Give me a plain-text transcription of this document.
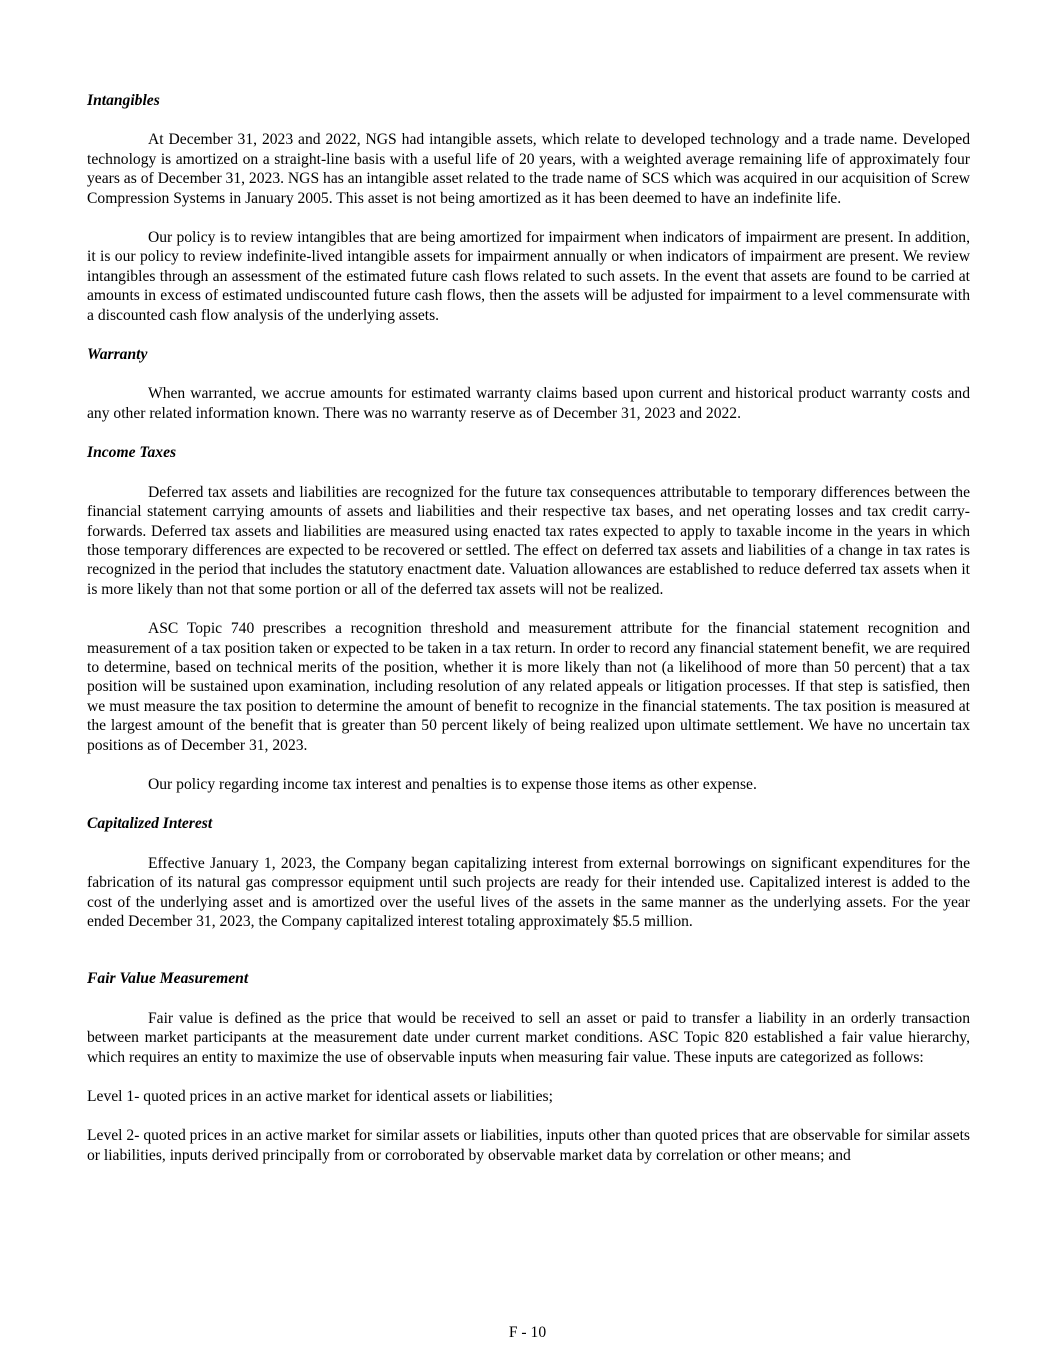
Intangibles

At December 31, 2023 and 2022, NGS had intangible assets, which relate to developed technology and a trade name. Developed technology is amortized on a straight-line basis with a useful life of 20 years, with a weighted average remaining life of approximately four years as of December 31, 2023. NGS has an intangible asset related to the trade name of SCS which was acquired in our acquisition of Screw Compression Systems in January 2005. This asset is not being amortized as it has been deemed to have an indefinite life.

Our policy is to review intangibles that are being amortized for impairment when indicators of impairment are present. In addition, it is our policy to review indefinite-lived intangible assets for impairment annually or when indicators of impairment are present. We review intangibles through an assessment of the estimated future cash flows related to such assets. In the event that assets are found to be carried at amounts in excess of estimated undiscounted future cash flows, then the assets will be adjusted for impairment to a level commensurate with a discounted cash flow analysis of the underlying assets.

Warranty

When warranted, we accrue amounts for estimated warranty claims based upon current and historical product warranty costs and any other related information known. There was no warranty reserve as of December 31, 2023 and 2022.

Income Taxes

Deferred tax assets and liabilities are recognized for the future tax consequences attributable to temporary differences between the financial statement carrying amounts of assets and liabilities and their respective tax bases, and net operating losses and tax credit carry-forwards. Deferred tax assets and liabilities are measured using enacted tax rates expected to apply to taxable income in the years in which those temporary differences are expected to be recovered or settled. The effect on deferred tax assets and liabilities of a change in tax rates is recognized in the period that includes the statutory enactment date. Valuation allowances are established to reduce deferred tax assets when it is more likely than not that some portion or all of the deferred tax assets will not be realized.

ASC Topic 740 prescribes a recognition threshold and measurement attribute for the financial statement recognition and measurement of a tax position taken or expected to be taken in a tax return. In order to record any financial statement benefit, we are required to determine, based on technical merits of the position, whether it is more likely than not (a likelihood of more than 50 percent) that a tax position will be sustained upon examination, including resolution of any related appeals or litigation processes. If that step is satisfied, then we must measure the tax position to determine the amount of benefit to recognize in the financial statements. The tax position is measured at the largest amount of the benefit that is greater than 50 percent likely of being realized upon ultimate settlement. We have no uncertain tax positions as of December 31, 2023.

Our policy regarding income tax interest and penalties is to expense those items as other expense.

Capitalized Interest

Effective January 1, 2023, the Company began capitalizing interest from external borrowings on significant expenditures for the fabrication of its natural gas compressor equipment until such projects are ready for their intended use. Capitalized interest is added to the cost of the underlying asset and is amortized over the useful lives of the assets in the same manner as the underlying assets. For the year ended December 31, 2023, the Company capitalized interest totaling approximately $5.5 million.

Fair Value Measurement

Fair value is defined as the price that would be received to sell an asset or paid to transfer a liability in an orderly transaction between market participants at the measurement date under current market conditions. ASC Topic 820 established a fair value hierarchy, which requires an entity to maximize the use of observable inputs when measuring fair value. These inputs are categorized as follows:

Level 1- quoted prices in an active market for identical assets or liabilities;

Level 2- quoted prices in an active market for similar assets or liabilities, inputs other than quoted prices that are observable for similar assets or liabilities, inputs derived principally from or corroborated by observable market data by correlation or other means; and

F - 10
